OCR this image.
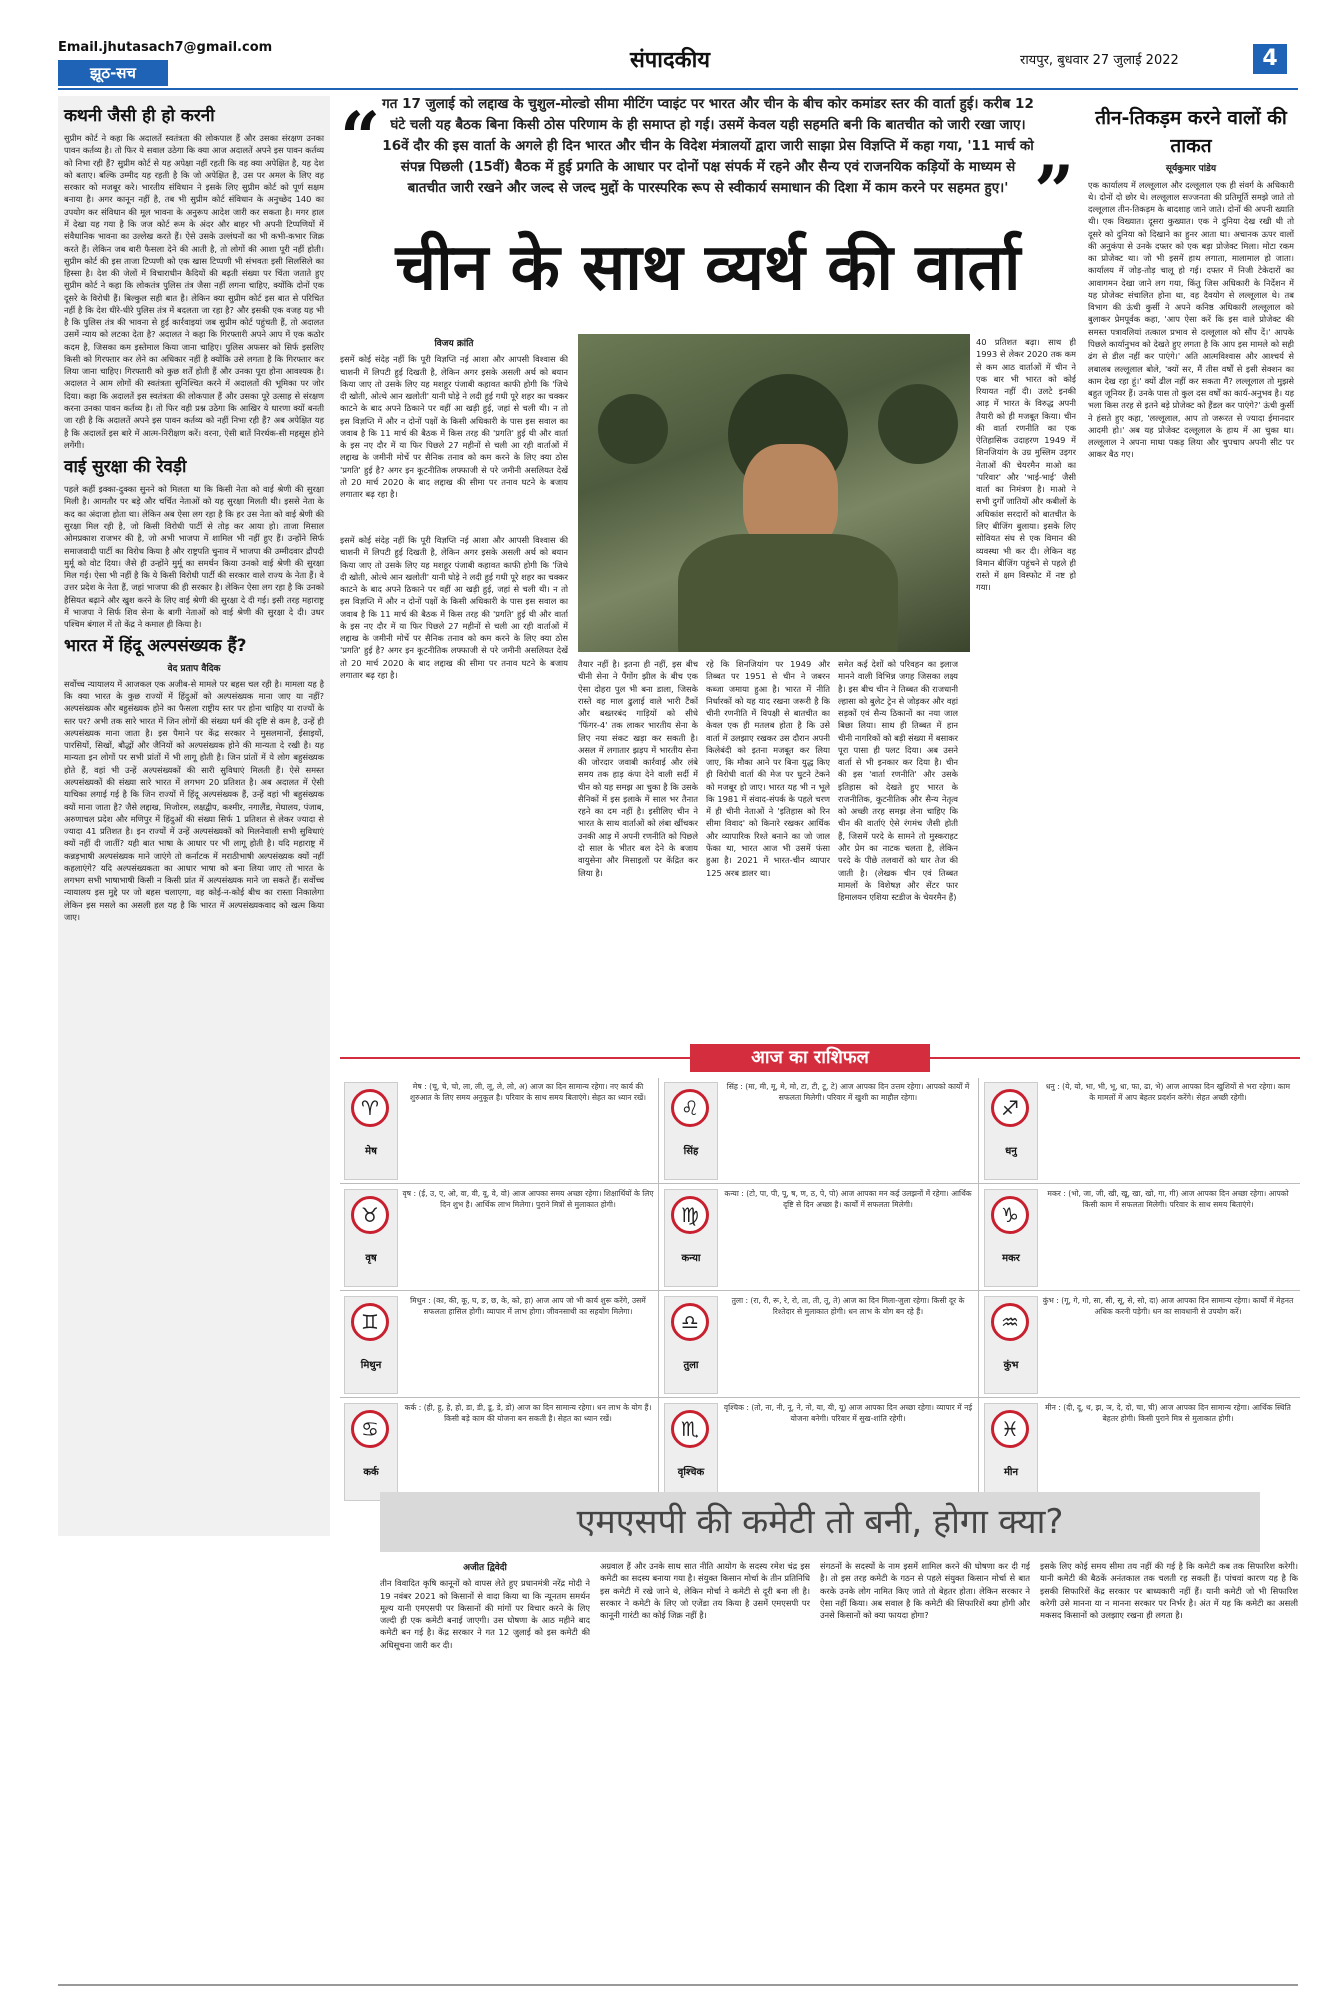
Email.jhutasach7@gmail.com
झूठ-सच	संपादकीय	रायपुर, बुधवार 27 जुलाई 2022	4
कथनी जैसी ही हो करनी

सुप्रीम कोर्ट ने कहा कि अदालतें स्वतंत्रता की लोकपाल हैं और उसका संरक्षण उनका पावन कर्तव्य है। तो फिर ये सवाल उठेगा कि क्या आज अदालतें अपने इस पावन कर्तव्य को निभा रही हैं? सुप्रीम कोर्ट से यह अपेक्षा नहीं रहती कि वह क्या अपेक्षित है, यह देश को बताए। बल्कि उम्मीद यह रहती है कि जो अपेक्षित है, उस पर अमल के लिए वह सरकार को मजबूर करे। भारतीय संविधान ने इसके लिए सुप्रीम कोर्ट को पूर्ण सक्षम बनाया है। अगर कानून नहीं है, तब भी सुप्रीम कोर्ट संविधान के अनुच्छेद 140 का उपयोग कर संविधान की मूल भावना के अनुरूप आदेश जारी कर सकता है। मगर हाल में देखा यह गया है कि जज कोर्ट रूम के अंदर और बाहर भी अपनी टिप्पणियों में संवैधानिक भावना का उल्लेख करते हैं। ऐसे उसके उल्लंघनों का भी कभी-कभार जिक्र करते हैं। लेकिन जब बारी फैसला देने की आती है, तो लोगों की आशा पूरी नहीं होती। सुप्रीम कोर्ट की इस ताजा टिप्पणी को एक खास टिप्पणी भी संभवतः इसी सिलसिले का हिस्सा है। देश की जेलों में विचाराधीन कैदियों की बढ़ती संख्या पर चिंता जताते हुए सुप्रीम कोर्ट ने कहा कि लोकतंत्र पुलिस तंत्र जैसा नहीं लगना चाहिए, क्योंकि दोनों एक दूसरे के विरोधी हैं। बिल्कुल सही बात है। लेकिन क्या सुप्रीम कोर्ट इस बात से परिचित नहीं है कि देश धीरे-धीरे पुलिस तंत्र में बदलता जा रहा है? और इसकी एक वजह यह भी है कि पुलिस तंत्र की भावना से हुई कार्रवाइयां जब सुप्रीम कोर्ट पहुंचती हैं, तो अदालत उसमें न्याय को लटका देता है? अदालत ने कहा कि गिरफ्तारी अपने आप में एक कठोर कदम है, जिसका कम इस्तेमाल किया जाना चाहिए। पुलिस अफसर को सिर्फ इसलिए किसी को गिरफ्तार कर लेने का अधिकार नहीं है क्योंकि उसे लगता है कि गिरफ्तार कर लिया जाना चाहिए। गिरफ्तारी को कुछ शर्तें होती हैं और उनका पूरा होना आवश्यक है। अदालत ने आम लोगों की स्वतंत्रता सुनिश्चित करने में अदालतों की भूमिका पर जोर दिया। कहा कि अदालतें इस स्वतंत्रता की लोकपाल हैं और उसका पूरे उत्साह से संरक्षण करना उनका पावन कर्तव्य है। तो फिर वही प्रश्न उठेगा कि आखिर ये धारणा क्यों बनती जा रही है कि अदालतें अपने इस पावन कर्तव्य को नहीं निभा रही हैं? अब अपेक्षित यह है कि अदालतें इस बारे में आत्म-निरीक्षण करें। वरना, ऐसी बातें निरर्थक-सी महसूस होने लगेंगी।

वाई सुरक्षा की रेवड़ी

पहले कहीं इक्का-दुक्का सुनने को मिलता था कि किसी नेता को वाई श्रेणी की सुरक्षा मिली है। आमतौर पर बड़े और चर्चित नेताओं को यह सुरक्षा मिलती थी। इससे नेता के कद का अंदाजा होता था। लेकिन अब ऐसा लग रहा है कि हर उस नेता को वाई श्रेणी की सुरक्षा मिल रही है, जो किसी विरोधी पार्टी से तोड़ कर आया हो। ताजा मिसाल ओमप्रकाश राजभर की है, जो अभी भाजपा में शामिल भी नहीं हुए हैं। उन्होंने सिर्फ समाजवादी पार्टी का विरोध किया है और राष्ट्रपति चुनाव में भाजपा की उम्मीदवार द्रौपदी मुर्मू को वोट दिया। जैसे ही उन्होंने मुर्मू का समर्थन किया उनको वाई श्रेणी की सुरक्षा मिल गई। ऐसा भी नहीं है कि ये किसी विरोधी पार्टी की सरकार वाले राज्य के नेता हैं। वे उत्तर प्रदेश के नेता हैं, जहां भाजपा की ही सरकार है। लेकिन ऐसा लग रहा है कि उनको हैसियत बढ़ाने और खुश करने के लिए वाई श्रेणी की सुरक्षा दे दी गई। इसी तरह महाराष्ट्र में भाजपा ने सिर्फ शिव सेना के बागी नेताओं को वाई श्रेणी की सुरक्षा दे दी। उधर पश्चिम बंगाल में तो केंद्र ने कमाल ही किया है।

भारत में हिंदू अल्पसंख्यक हैं?
वेद प्रताप वैदिक

सर्वोच्च न्यायालय में आजकल एक अजीब-से मामले पर बहस चल रही है। मामला यह है कि क्या भारत के कुछ राज्यों में हिंदुओं को अल्पसंख्यक माना जाए या नहीं? अल्पसंख्यक और बहुसंख्यक होने का फैसला राष्ट्रीय स्तर पर होना चाहिए या राज्यों के स्तर पर? अभी तक सारे भारत में जिन लोगों की संख्या धर्म की दृष्टि से कम है, उन्हें ही अल्पसंख्यक माना जाता है। इस पैमाने पर केंद्र सरकार ने मुसलमानों, ईसाइयों, पारसियों, सिखों, बौद्धों और जैनियों को अल्पसंख्यक होने की मान्यता दे रखी है। यह मान्यता इन लोगों पर सभी प्रांतों में भी लागू होती है। जिन प्रांतों में ये लोग बहुसंख्यक होते हैं, वहां भी उन्हें अल्पसंख्यकों की सारी सुविधाएं मिलती हैं। ऐसे समस्त अल्पसंख्यकों की संख्या सारे भारत में लगभग 20 प्रतिशत है। अब अदालत में ऐसी याचिका लगाई गई है कि जिन राज्यों में हिंदू अल्पसंख्यक हैं, उन्हें वहां भी बहुसंख्यक क्यों माना जाता है? जैसे लद्दाख, मिजोरम, लक्षद्वीप, कश्मीर, नगालैंड, मेघालय, पंजाब, अरुणाचल प्रदेश और मणिपुर में हिंदुओं की संख्या सिर्फ 1 प्रतिशत से लेकर ज्यादा से ज्यादा 41 प्रतिशत है। इन राज्यों में उन्हें अल्पसंख्यकों को मिलनेवाली सभी सुविधाएं क्यों नहीं दी जातीं? यही बात भाषा के आधार पर भी लागू होती है। यदि महाराष्ट्र में कन्नड़भाषी अल्पसंख्यक माने जाएंगे तो कर्नाटक में मराठीभाषी अल्पसंख्यक क्यों नहीं कहलाएंगे? यदि अल्पसंख्यकता का आधार भाषा को बना लिया जाए तो भारत के लगभग सभी भाषाभाषी किसी न किसी प्रांत में अल्पसंख्यक माने जा सकते हैं। सर्वोच्च न्यायालय इस मुद्दे पर जो बहस चलाएगा, वह कोई-न-कोई बीच का रास्ता निकालेगा लेकिन इस मसले का असली हल यह है कि भारत में अल्पसंख्यकवाद को खत्म किया जाए।

गत 17 जुलाई को लद्दाख के चुशुल-मोल्डो सीमा मीटिंग प्वाइंट पर भारत और चीन के बीच कोर कमांडर स्तर की वार्ता हुई। करीब 12 घंटे चली यह बैठक बिना किसी ठोस परिणाम के ही समाप्त हो गई। उसमें केवल यही सहमति बनी कि बातचीत को जारी रखा जाए। 16वें दौर की इस वार्ता के अगले ही दिन भारत और चीन के विदेश मंत्रालयों द्वारा जारी साझा प्रेस विज्ञप्ति में कहा गया, '11 मार्च को संपन्न पिछली (15वीं) बैठक में हुई प्रगति के आधार पर दोनों पक्ष संपर्क में रहने और सैन्य एवं राजनयिक कड़ियों के माध्यम से बातचीत जारी रखने और जल्द से जल्द मुद्दों के पारस्परिक रूप से स्वीकार्य समाधान की दिशा में काम करने पर सहमत हुए।'
“
”
चीन के साथ व्यर्थ की वार्ता
विजय क्रांति

इसमें कोई संदेह नहीं कि पूरी विज्ञप्ति नई आशा और आपसी विश्वास की चाशनी में लिपटी हुई दिखती है, लेकिन अगर इसके असली अर्थ को बयान किया जाए तो उसके लिए यह मशहूर पंजाबी कहावत काफी होगी कि 'जिथे दी खोती, ओत्थे आन खलोती' यानी घोड़े ने लदी हुई गधी पूरे शहर का चक्कर काटने के बाद अपने ठिकाने पर वहीं आ खड़ी हुई, जहां से चली थी। न तो इस विज्ञप्ति में और न दोनों पक्षों के किसी अधिकारी के पास इस सवाल का जवाब है कि 11 मार्च की बैठक में किस तरह की 'प्रगति' हुई थी और वार्ता के इस नए दौर में या फिर पिछले 27 महीनों से चली आ रही वार्ताओं में लद्दाख के जमीनी मोर्चे पर सैनिक तनाव को कम करने के लिए क्या ठोस 'प्रगति' हुई है? अगर इन कूटनीतिक लफ्फाजी से परे जमीनी असलियत देखें तो 20 मार्च 2020 के बाद लद्दाख की सीमा पर तनाव घटने के बजाय लगातार बढ़ रहा है।

इसमें कोई संदेह नहीं कि पूरी विज्ञप्ति नई आशा और आपसी विश्वास की चाशनी में लिपटी हुई दिखती है, लेकिन अगर इसके असली अर्थ को बयान किया जाए तो उसके लिए यह मशहूर पंजाबी कहावत काफी होगी कि 'जिथे दी खोती, ओत्थे आन खलोती' यानी घोड़े ने लदी हुई गधी पूरे शहर का चक्कर काटने के बाद अपने ठिकाने पर वहीं आ खड़ी हुई, जहां से चली थी। न तो इस विज्ञप्ति में और न दोनों पक्षों के किसी अधिकारी के पास इस सवाल का जवाब है कि 11 मार्च की बैठक में किस तरह की 'प्रगति' हुई थी और वार्ता के इस नए दौर में या फिर पिछले 27 महीनों से चली आ रही वार्ताओं में लद्दाख के जमीनी मोर्चे पर सैनिक तनाव को कम करने के लिए क्या ठोस 'प्रगति' हुई है? अगर इन कूटनीतिक लफ्फाजी से परे जमीनी असलियत देखें तो 20 मार्च 2020 के बाद लद्दाख की सीमा पर तनाव घटने के बजाय लगातार बढ़ रहा है।

तैयार नहीं है। इतना ही नहीं, इस बीच चीनी सेना ने पैंगोंग झील के बीच एक ऐसा दोहरा पुल भी बना डाला, जिसके रास्ते वह माल ढुलाई वाले भारी टैंकों और बख्तरबंद गाड़ियों को सीधे 'फिंगर-4' तक लाकर भारतीय सेना के लिए नया संकट खड़ा कर सकती है। असल में लगातार झड़प में भारतीय सेना की जोरदार जवाबी कार्रवाई और लंबे समय तक हाड़ कंपा देने वाली सर्दी में चीन को यह समझ आ चुका है कि उसके सैनिकों में इस इलाके में साल भर तैनात रहने का दम नहीं है। इसीलिए चीन ने भारत के साथ वार्ताओं को लंबा खींचकर उनकी आड़ में अपनी रणनीति को पिछले दो साल के भीतर बल देने के बजाय वायुसेना और मिसाइलों पर केंद्रित कर लिया है।

रहे कि शिनजियांग पर 1949 और तिब्बत पर 1951 से चीन ने जबरन कब्जा जमाया हुआ है। भारत में नीति निर्धारकों को यह याद रखना जरूरी है कि चीनी रणनीति में विपक्षी से बातचीत का केवल एक ही मतलब होता है कि उसे वार्ता में उलझाए रखकर उस दौरान अपनी किलेबंदी को इतना मजबूत कर लिया जाए, कि मौका आने पर बिना युद्ध किए ही विरोधी वार्ता की मेज पर घुटने टेकने को मजबूर हो जाए। भारत यह भी न भूले कि 1981 में संवाद-संपर्क के पहले चरण में ही चीनी नेताओं ने 'इतिहास को रिन सीमा विवाद' को किनारे रखकर आर्थिक और व्यापारिक रिश्ते बनाने का जो जाल फेंका था, भारत आज भी उसमें फंसा हुआ है। 2021 में भारत-चीन व्यापार 125 अरब डालर था।

समेत कई देशों को परिवहन का इलाज मानने वाली विभिन्न जगह जिसका लक्ष्य है। इस बीच चीन ने तिब्बत की राजधानी ल्हासा को बुलेट ट्रेन से जोड़कर और वहां सड़कों एवं सैन्य ठिकानों का नया जाल बिछा लिया। साथ ही तिब्बत में हान चीनी नागरिकों को बड़ी संख्या में बसाकर पूरा पासा ही पलट दिया। अब उसने वार्ता से भी इनकार कर दिया है। चीन की इस 'वार्ता रणनीति' और उसके इतिहास को देखते हुए भारत के राजनीतिक, कूटनीतिक और सैन्य नेतृत्व को अच्छी तरह समझ लेना चाहिए कि चीन की वार्ताएं ऐसे रंगमंच जैसी होती हैं, जिसमें परदे के सामने तो मुस्कराहट और प्रेम का नाटक चलता है, लेकिन परदे के पीछे तलवारों को धार तेज की जाती है। (लेखक चीन एवं तिब्बत मामलों के विशेषज्ञ और सेंटर फार हिमालयन एशिया स्टडीज के चेयरमैन हैं)

40 प्रतिशत बढ़ा। साथ ही 1993 से लेकर 2020 तक कम से कम आठ वार्ताओं में चीन ने एक बार भी भारत को कोई रियायत नहीं दी। उलटे इनकी आड़ में भारत के विरुद्ध अपनी तैयारी को ही मजबूत किया। चीन की वार्ता रणनीति का एक ऐतिहासिक उदाहरण 1949 में शिनजियांग के उग्र मुस्लिम उइगर नेताओं की चेयरमैन माओ का 'परिवार' और 'भाई-भाई' जैसी वार्ता का निमंत्रण है। माओ ने सभी दुर्गों जातियों और कबीलों के अधिकांश सरदारों को बातचीत के लिए बीजिंग बुलाया। इसके लिए सोवियत संघ से एक विमान की व्यवस्था भी कर दी। लेकिन वह विमान बीजिंग पहुंचने से पहले ही रास्ते में क्षम विस्फोट में नष्ट हो गया।

तीन-तिकड़म करने वालों की ताकत
सूर्यकुमार पांडेय

एक कार्यालय में लल्लूलाल और दल्लूलाल एक ही संवर्ग के अधिकारी थे। दोनों दो छोर थे। लल्लूलाल सज्जनता की प्रतिमूर्ति समझे जाते तो दल्लूलाल तीन-तिकड़म के बादशाह जाने जाते। दोनों की अपनी ख्याति थी। एक विख्यात। दूसरा कुख्यात। एक ने दुनिया देख रखी थी तो दूसरे को दुनिया को दिखाने का हुनर आता था। अचानक ऊपर वालों की अनुकंपा से उनके दफ्तर को एक बड़ा प्रोजेक्ट मिला। मोटा रकम का प्रोजेक्ट था। जो भी इसमें हाथ लगाता, मालामाल हो जाता। कार्यालय में जोड़-तोड़ चालू हो गई। दफ्तर में निजी टेकेदारों का आवागमन देखा जाने लग गया, किंतु जिस अधिकारी के निर्देशन में यह प्रोजेक्ट संचालित होना था, वह दैवयोग से लल्लूलाल थे। तब विभाग की ऊंची कुर्सी ने अपने कनिष्ठ अधिकारी लल्लूलाल को बुलाकर प्रेमपूर्वक कहा, 'आप ऐसा करें कि इस वाले प्रोजेक्ट की समस्त पत्रावलियां तत्काल प्रभाव से दल्लूलाल को सौंप दें।' आपके पिछले कार्यानुभव को देखते हुए लगता है कि आप इस मामले को सही ढंग से डील नहीं कर पाएंगे।' अति आत्मविश्वास और आश्चर्य से लबालब लल्लूलाल बोले, 'क्यों सर, मैं तीस वर्षों से इसी सेक्शन का काम देख रहा हूं।' क्यों ढील नहीं कर सकता मैं? लल्लूलाल तो मुझसे बहुत जूनियर हैं। उनके पास तो कुल दस वर्षों का कार्य-अनुभव है। यह भला किस तरह से इतने बड़े प्रोजेक्ट को हैंडल कर पाएंगे?' ऊंची कुर्सी ने हंसते हुए कहा, 'लल्लूलाल, आप तो जरूरत से ज्यादा ईमानदार आदमी हो।' अब यह प्रोजेक्ट दल्लूलाल के हाथ में आ चुका था। लल्लूलाल ने अपना माथा पकड़ लिया और चुपचाप अपनी सीट पर आकर बैठ गए।

आज का राशिफल
♈
मेष
मेष : (चू, चे, चो, ला, ली, लू, ले, लो, अ) आज का दिन सामान्य रहेगा। नए कार्य की शुरुआत के लिए समय अनुकूल है। परिवार के साथ समय बिताएंगे। सेहत का ध्यान रखें।	♌
सिंह
सिंह : (मा, मी, मू, मे, मो, टा, टी, टू, टे) आज आपका दिन उत्तम रहेगा। आपको कार्यों में सफलता मिलेगी। परिवार में खुशी का माहौल रहेगा।	♐
धनु
धनु : (ये, यो, भा, भी, भू, धा, फा, ढा, भे) आज आपका दिन खुशियों से भरा रहेगा। काम के मामलों में आप बेहतर प्रदर्शन करेंगे। सेहत अच्छी रहेगी।
♉
वृष
वृष : (ई, उ, ए, ओ, वा, वी, वू, वे, वो) आज आपका समय अच्छा रहेगा। शिक्षार्थियों के लिए दिन शुभ है। आर्थिक लाभ मिलेगा। पुराने मित्रों से मुलाकात होगी।	♍
कन्या
कन्या : (टो, पा, पी, पू, ष, ण, ठ, पे, पो) आज आपका मन कई उलझनों में रहेगा। आर्थिक दृष्टि से दिन अच्छा है। कार्यों में सफलता मिलेगी।	♑
मकर
मकर : (भो, जा, जी, खी, खू, खा, खो, गा, गी) आज आपका दिन अच्छा रहेगा। आपको किसी काम में सफलता मिलेगी। परिवार के साथ समय बिताएंगे।
♊
मिथुन
मिथुन : (का, की, कू, घ, ङ, छ, के, को, हा) आज आप जो भी कार्य शुरू करेंगे, उसमें सफलता हासिल होगी। व्यापार में लाभ होगा। जीवनसाथी का सहयोग मिलेगा।	♎
तुला
तुला : (रा, री, रू, रे, रो, ता, ती, तू, ते) आज का दिन मिला-जुला रहेगा। किसी दूर के रिश्तेदार से मुलाकात होगी। धन लाभ के योग बन रहे हैं।	♒
कुंभ
कुंभ : (गू, गे, गो, सा, सी, सू, से, सो, दा) आज आपका दिन सामान्य रहेगा। कार्यों में मेहनत अधिक करनी पड़ेगी। धन का सावधानी से उपयोग करें।
♋
कर्क
कर्क : (ही, हू, हे, हो, डा, डी, डू, डे, डो) आज का दिन सामान्य रहेगा। धन लाभ के योग हैं। किसी बड़े काम की योजना बन सकती है। सेहत का ध्यान रखें।	♏
वृश्चिक
वृश्चिक : (तो, ना, नी, नू, ने, नो, या, यी, यू) आज आपका दिन अच्छा रहेगा। व्यापार में नई योजना बनेगी। परिवार में सुख-शांति रहेगी।	♓
मीन
मीन : (दी, दू, थ, झ, ञ, दे, दो, चा, ची) आज आपका दिन सामान्य रहेगा। आर्थिक स्थिति बेहतर होगी। किसी पुराने मित्र से मुलाकात होगी।
एमएसपी की कमेटी तो बनी, होगा क्या?
अजीत द्विवेदी

तीन विवादित कृषि कानूनों को वापस लेते हुए प्रधानमंत्री नरेंद्र मोदी ने 19 नवंबर 2021 को किसानों से वादा किया था कि न्यूनतम समर्थन मूल्य यानी एमएसपी पर किसानों की मांगों पर विचार करने के लिए जल्दी ही एक कमेटी बनाई जाएगी। उस घोषणा के आठ महीने बाद कमेटी बन गई है। केंद्र सरकार ने गत 12 जुलाई को इस कमेटी की अधिसूचना जारी कर दी।

अग्रवाल हैं और उनके साथ सात नीति आयोग के सदस्य रमेश चंद्र इस कमेटी का सदस्य बनाया गया है। संयुक्त किसान मोर्चा के तीन प्रतिनिधि इस कमेटी में रखे जाने थे, लेकिन मोर्चा ने कमेटी से दूरी बना ली है। सरकार ने कमेटी के लिए जो एजेंडा तय किया है उसमें एमएसपी पर कानूनी गारंटी का कोई जिक्र नहीं है।

संगठनों के सदस्यों के नाम इसमें शामिल करने की घोषणा कर दी गई है। तो इस तरह कमेटी के गठन से पहले संयुक्त किसान मोर्चा से बात करके उनके लोग नामित किए जाते तो बेहतर होता। लेकिन सरकार ने ऐसा नहीं किया। अब सवाल है कि कमेटी की सिफारिशें क्या होंगी और उनसे किसानों को क्या फायदा होगा?

इसके लिए कोई समय सीमा तय नहीं की गई है कि कमेटी कब तक सिफारिश करेगी। यानी कमेटी की बैठकें अनंतकाल तक चलती रह सकती हैं। पांचवां कारण यह है कि इसकी सिफारिशें केंद्र सरकार पर बाध्यकारी नहीं हैं। यानी कमेटी जो भी सिफारिश करेगी उसे मानना या न मानना सरकार पर निर्भर है। अंत में यह कि कमेटी का असली मकसद किसानों को उलझाए रखना ही लगता है।
